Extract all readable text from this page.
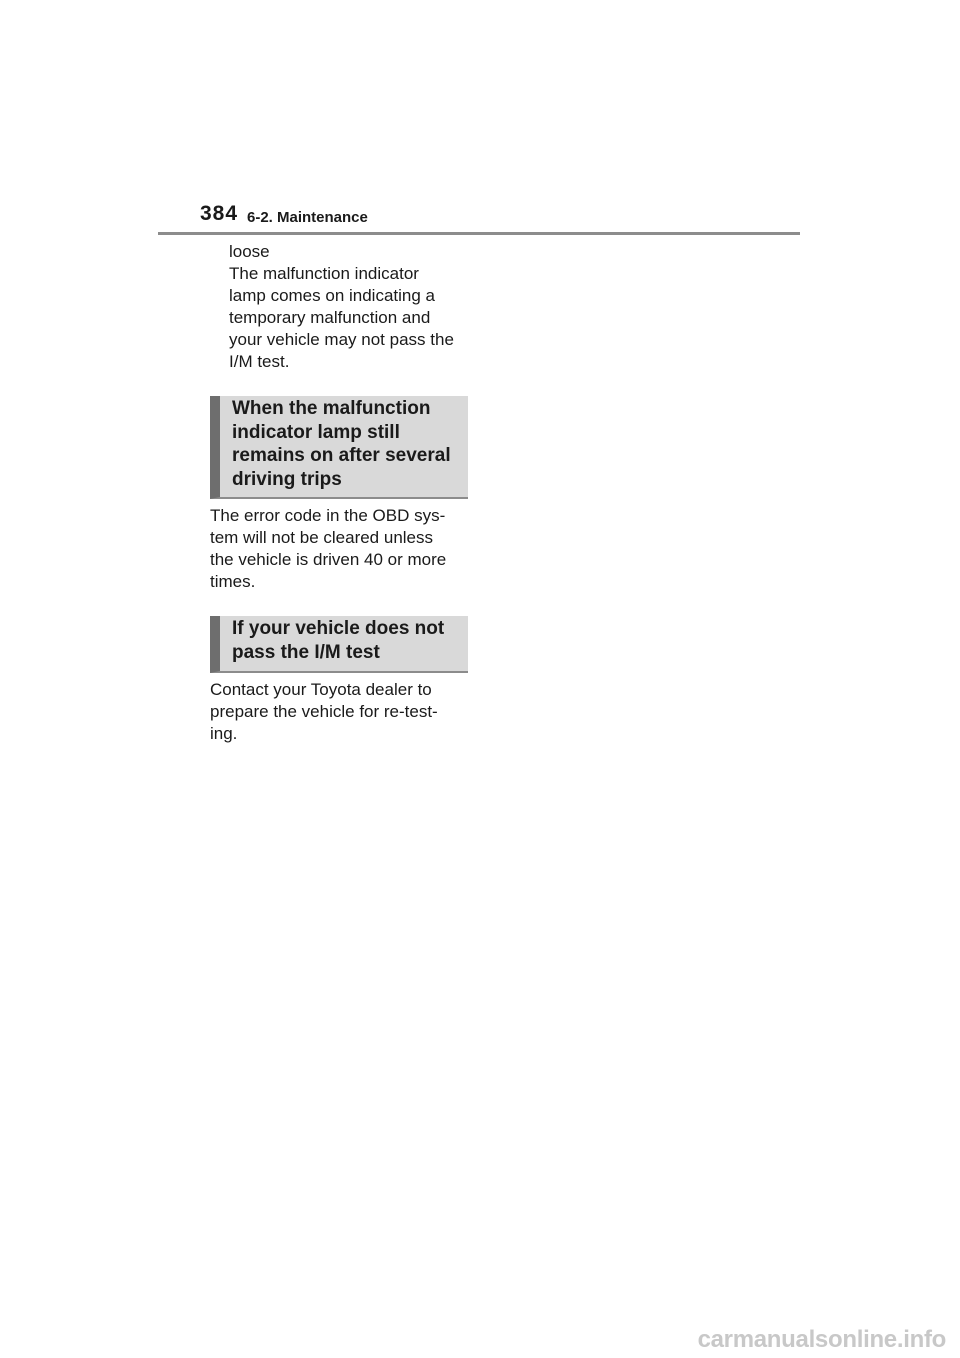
384 6-2. Maintenance
loose
The malfunction indicator
lamp comes on indicating a
temporary malfunction and
your vehicle may not pass the
I/M test.
When the malfunction
indicator lamp still
remains on after several
driving trips
The error code in the OBD sys-
tem will not be cleared unless
the vehicle is driven 40 or more
times.
If your vehicle does not
pass the I/M test
Contact your Toyota dealer to
prepare the vehicle for re-test-
ing.
carmanualsonline.info
